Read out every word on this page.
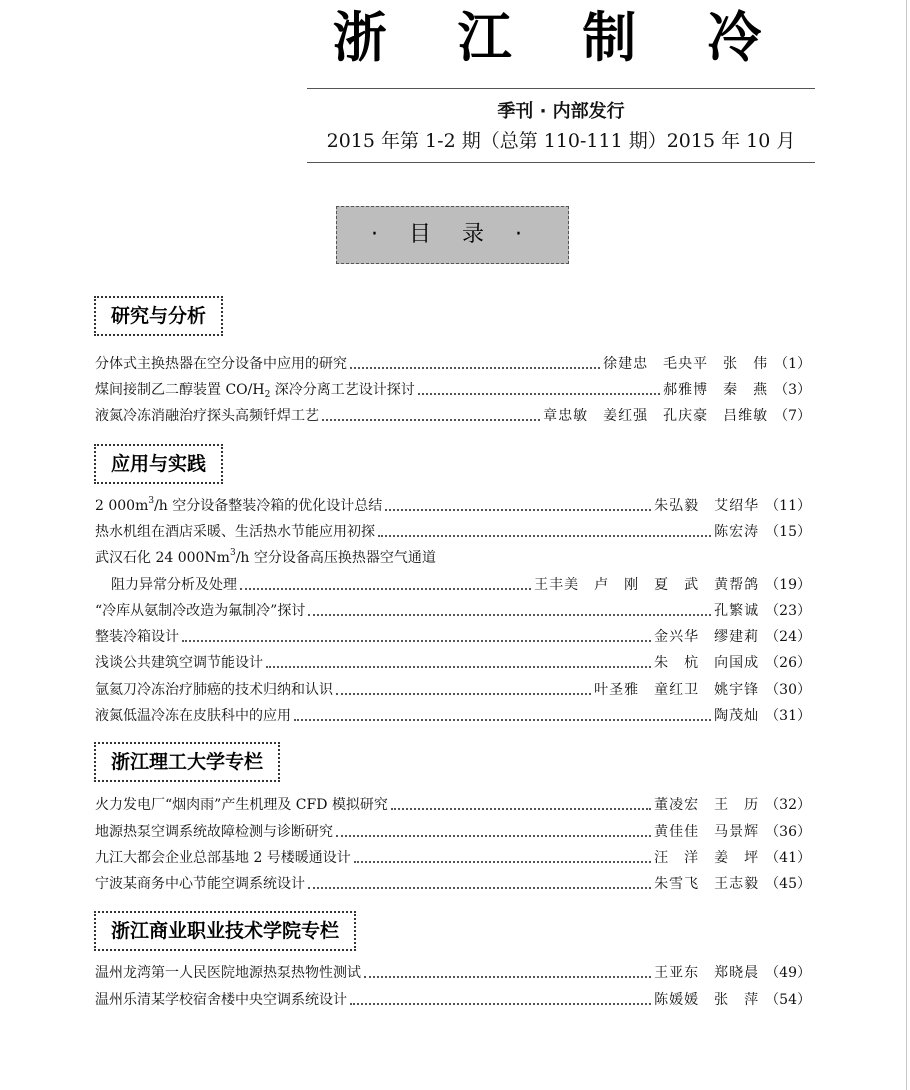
浙 江 制 冷
季刊 · 内部发行
2015 年第 1-2 期（总第 110-111 期）2015 年 10 月
· 目 录 ·
研究与分析
分体式主换热器在空分设备中应用的研究	徐建忠　毛央平　张　伟 （1）
煤间接制乙二醇装置 $CO/H_2$ 深冷分离工艺设计探讨	郝雅博　秦　燕 （3）
液氮冷冻消融治疗探头高频钎焊工艺	章忠敏　姜红强　孔庆豪　吕维敏 （7）
应用与实践
2 $000m^3/h$ 空分设备整装冷箱的优化设计总结	朱弘毅　艾绍华 （11）
热水机组在酒店采暖、生活热水节能应用初探	陈宏涛 （15）
武汉石化 24 000Nm$^3$/h 空分设备高压换热器空气通道
阻力异常分析及处理	王丰美　卢　刚　夏　武　黄帮鸽 （19）
“冷库从氨制冷改造为氟制冷”探讨	孔繁诚 （23）
整装冷箱设计	金兴华　缪建莉 （24）
浅谈公共建筑空调节能设计	朱　杭　向国成 （26）
氩氦刀冷冻治疗肺癌的技术归纳和认识	叶圣雅　童红卫　姚宇锋 （30）
液氮低温冷冻在皮肤科中的应用	陶茂灿 （31）
浙江理工大学专栏
火力发电厂“烟肉雨”产生机理及 CFD 模拟研究	董凌宏　王　历 （32）
地源热泵空调系统故障检测与诊断研究	黄佳佳　马景辉 （36）
九江大都会企业总部基地 2 号楼暖通设计	汪　洋　姜　坪 （41）
宁波某商务中心节能空调系统设计	朱雪飞　王志毅 （45）
浙江商业职业技术学院专栏
温州龙湾第一人民医院地源热泵热物性测试	王亚东　郑晓晨 （49）
温州乐清某学校宿舍楼中央空调系统设计	陈媛媛　张　萍 （54）
